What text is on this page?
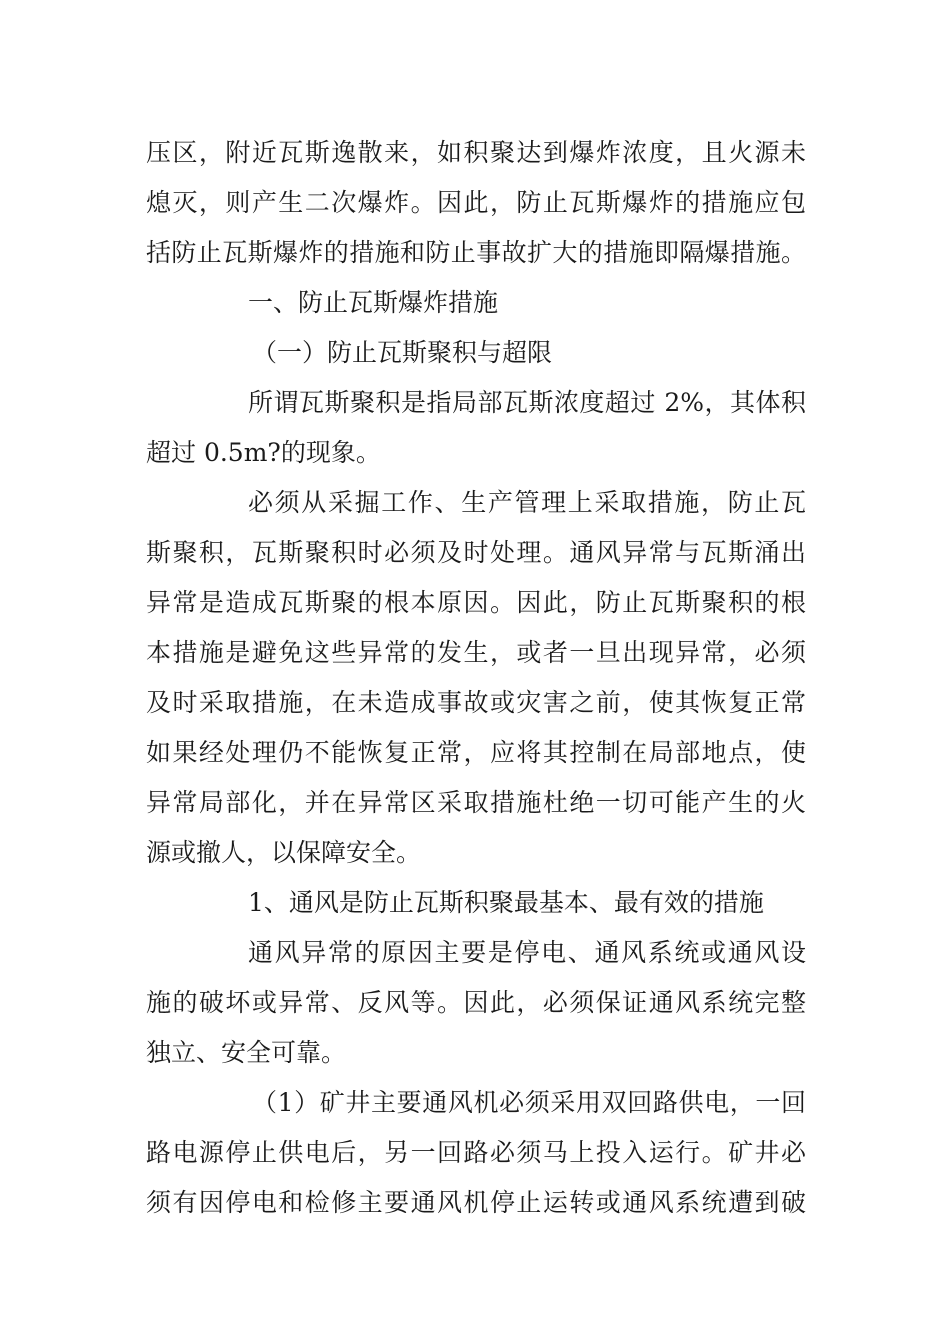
压区，附近瓦斯逸散来，如积聚达到爆炸浓度，且火源未
熄灭，则产生二次爆炸。因此，防止瓦斯爆炸的措施应包
括防止瓦斯爆炸的措施和防止事故扩大的措施即隔爆措施。
一、防止瓦斯爆炸措施
（一）防止瓦斯聚积与超限
所谓瓦斯聚积是指局部瓦斯浓度超过 2%，其体积
超过 0.5m?的现象。
必须从采掘工作、生产管理上采取措施，防止瓦
斯聚积，瓦斯聚积时必须及时处理。通风异常与瓦斯涌出
异常是造成瓦斯聚的根本原因。因此，防止瓦斯聚积的根
本措施是避免这些异常的发生，或者一旦出现异常，必须
及时采取措施，在未造成事故或灾害之前，使其恢复正常
如果经处理仍不能恢复正常，应将其控制在局部地点，使
异常局部化，并在异常区采取措施杜绝一切可能产生的火
源或撤人，以保障安全。
1、通风是防止瓦斯积聚最基本、最有效的措施
通风异常的原因主要是停电、通风系统或通风设
施的破坏或异常、反风等。因此，必须保证通风系统完整
独立、安全可靠。
（1）矿井主要通风机必须采用双回路供电，一回
路电源停止供电后，另一回路必须马上投入运行。矿井必
须有因停电和检修主要通风机停止运转或通风系统遭到破
